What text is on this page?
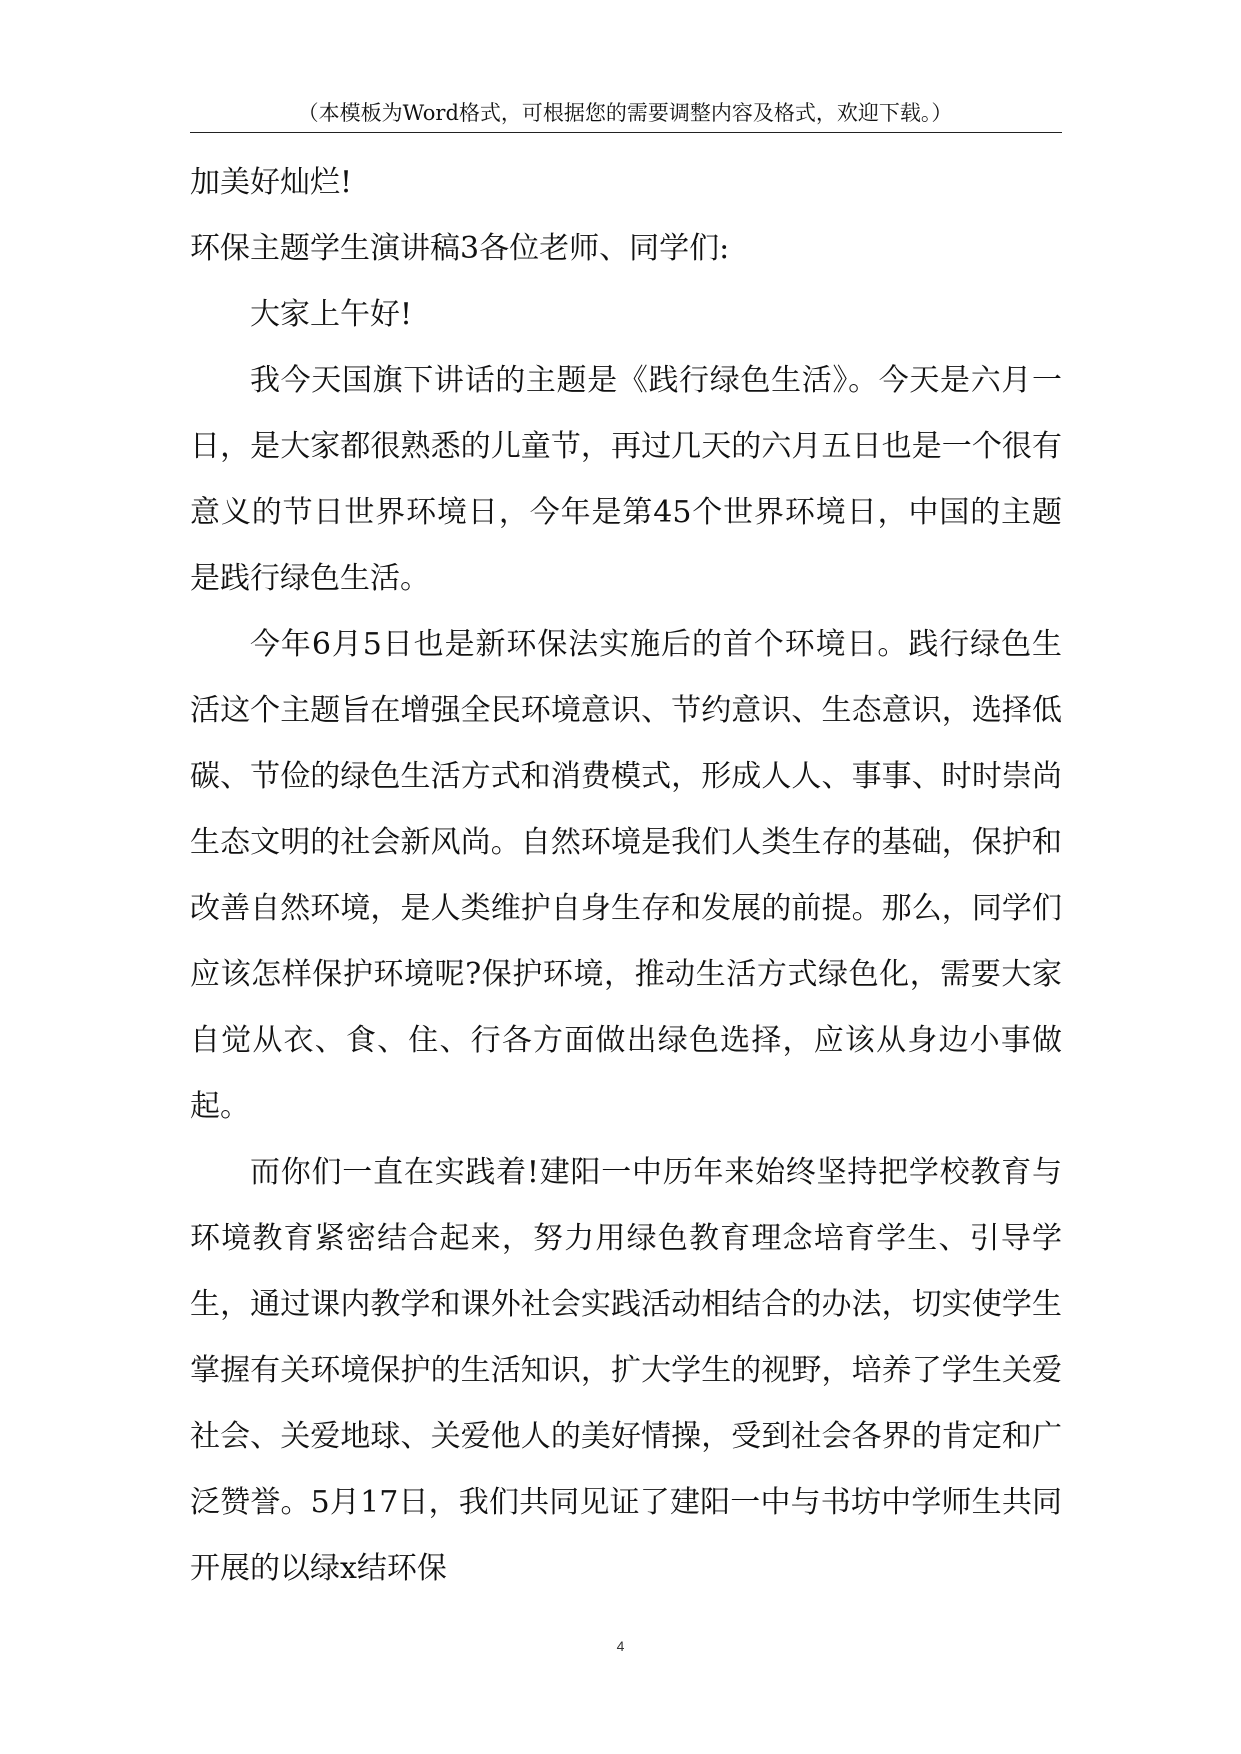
（本模板为Word格式，可根据您的需要调整内容及格式，欢迎下载。）

加美好灿烂!

环保主题学生演讲稿3各位老师、同学们:

大家上午好!

我今天国旗下讲话的主题是《践行绿色生活》。今天是六月一日，是大家都很熟悉的儿童节，再过几天的六月五日也是一个很有意义的节日世界环境日，今年是第45个世界环境日，中国的主题是践行绿色生活。

今年6月5日也是新环保法实施后的首个环境日。践行绿色生活这个主题旨在增强全民环境意识、节约意识、生态意识，选择低碳、节俭的绿色生活方式和消费模式，形成人人、事事、时时崇尚生态文明的社会新风尚。自然环境是我们人类生存的基础，保护和改善自然环境，是人类维护自身生存和发展的前提。那么，同学们应该怎样保护环境呢?保护环境，推动生活方式绿色化，需要大家自觉从衣、食、住、行各方面做出绿色选择，应该从身边小事做起。

而你们一直在实践着!建阳一中历年来始终坚持把学校教育与环境教育紧密结合起来，努力用绿色教育理念培育学生、引导学生，通过课内教学和课外社会实践活动相结合的办法，切实使学生掌握有关环境保护的生活知识，扩大学生的视野，培养了学生关爱社会、关爱地球、关爱他人的美好情操，受到社会各界的肯定和广泛赞誉。5月17日，我们共同见证了建阳一中与书坊中学师生共同开展的以绿x结环保

4
